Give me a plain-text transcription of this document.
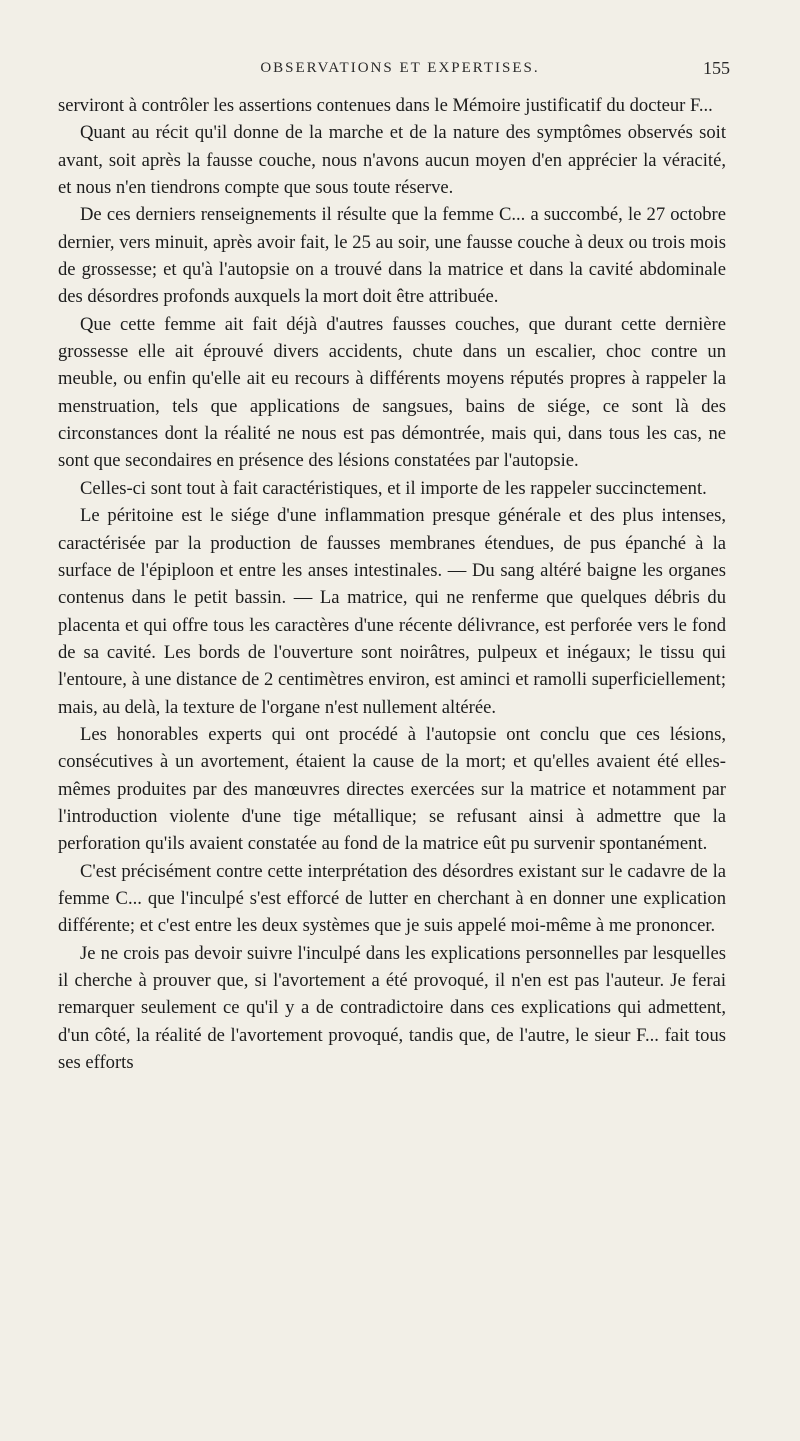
OBSERVATIONS ET EXPERTISES.	155

serviront à contrôler les assertions contenues dans le Mémoire justificatif du docteur F...

Quant au récit qu'il donne de la marche et de la nature des symptômes observés soit avant, soit après la fausse couche, nous n'avons aucun moyen d'en apprécier la véracité, et nous n'en tiendrons compte que sous toute réserve.

De ces derniers renseignements il résulte que la femme C... a succombé, le 27 octobre dernier, vers minuit, après avoir fait, le 25 au soir, une fausse couche à deux ou trois mois de grossesse; et qu'à l'autopsie on a trouvé dans la matrice et dans la cavité abdominale des désordres profonds auxquels la mort doit être attribuée.

Que cette femme ait fait déjà d'autres fausses couches, que durant cette dernière grossesse elle ait éprouvé divers accidents, chute dans un escalier, choc contre un meuble, ou enfin qu'elle ait eu recours à différents moyens réputés propres à rappeler la menstruation, tels que applications de sangsues, bains de siége, ce sont là des circonstances dont la réalité ne nous est pas démontrée, mais qui, dans tous les cas, ne sont que secondaires en présence des lésions constatées par l'autopsie.

Celles-ci sont tout à fait caractéristiques, et il importe de les rappeler succinctement.

Le péritoine est le siége d'une inflammation presque générale et des plus intenses, caractérisée par la production de fausses membranes étendues, de pus épanché à la surface de l'épiploon et entre les anses intestinales. — Du sang altéré baigne les organes contenus dans le petit bassin. — La matrice, qui ne renferme que quelques débris du placenta et qui offre tous les caractères d'une récente délivrance, est perforée vers le fond de sa cavité. Les bords de l'ouverture sont noirâtres, pulpeux et inégaux; le tissu qui l'entoure, à une distance de 2 centimètres environ, est aminci et ramolli superficiellement; mais, au delà, la texture de l'organe n'est nullement altérée.

Les honorables experts qui ont procédé à l'autopsie ont conclu que ces lésions, consécutives à un avortement, étaient la cause de la mort; et qu'elles avaient été elles-mêmes produites par des manœuvres directes exercées sur la matrice et notamment par l'introduction violente d'une tige métallique; se refusant ainsi à admettre que la perforation qu'ils avaient constatée au fond de la matrice eût pu survenir spontanément.

C'est précisément contre cette interprétation des désordres existant sur le cadavre de la femme C... que l'inculpé s'est efforcé de lutter en cherchant à en donner une explication différente; et c'est entre les deux systèmes que je suis appelé moi-même à me prononcer.

Je ne crois pas devoir suivre l'inculpé dans les explications personnelles par lesquelles il cherche à prouver que, si l'avortement a été provoqué, il n'en est pas l'auteur. Je ferai remarquer seulement ce qu'il y a de contradictoire dans ces explications qui admettent, d'un côté, la réalité de l'avortement provoqué, tandis que, de l'autre, le sieur F... fait tous ses efforts
